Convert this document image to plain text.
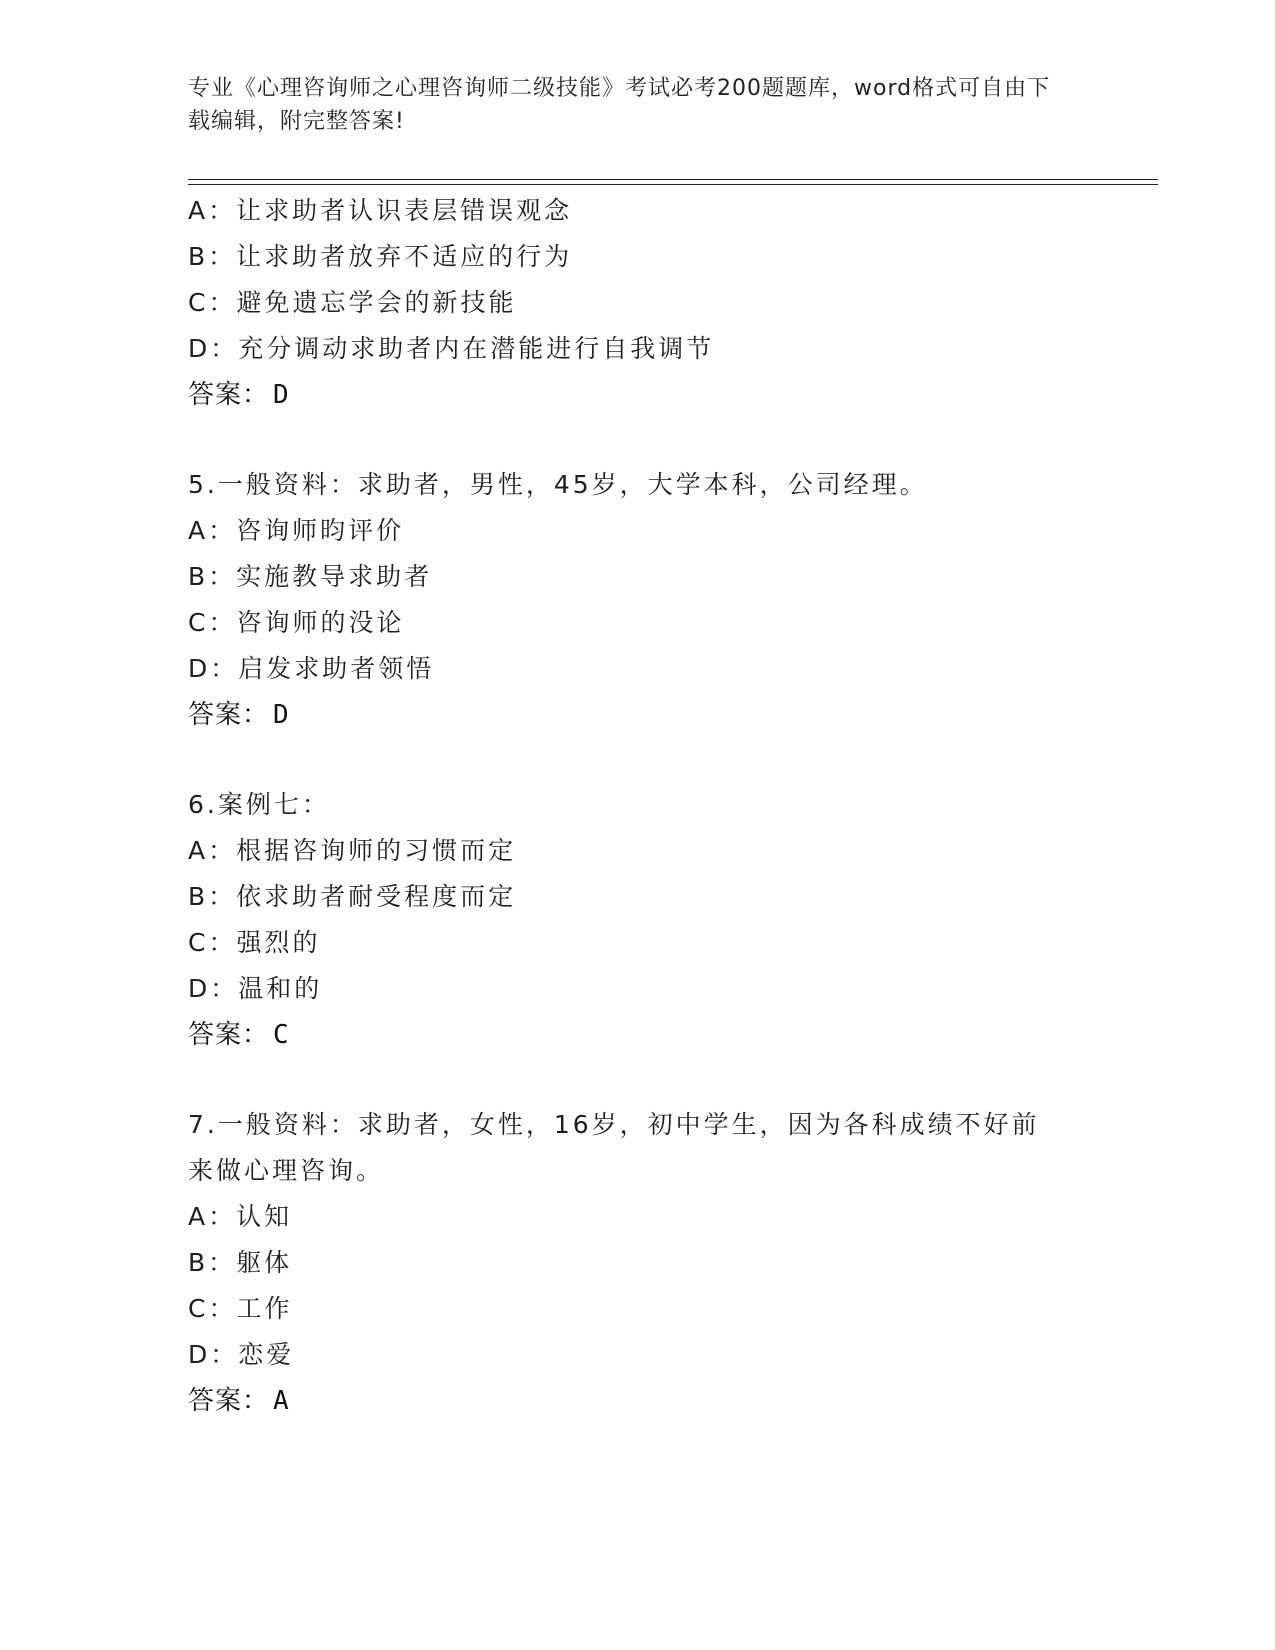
专业《心理咨询师之心理咨询师二级技能》考试必考200题题库，word格式可自由下载编辑，附完整答案!
A：让求助者认识表层错误观念
B：让求助者放弃不适应的行为
C：避免遗忘学会的新技能
D：充分调动求助者内在潜能进行自我调节
答案： D
5.一般资料：求助者，男性，45岁，大学本科，公司经理。
A：咨询师昀评价
B：实施教导求助者
C：咨询师的没论
D：启发求助者领悟
答案： D
6.案例七：
A：根据咨询师的习惯而定
B：依求助者耐受程度而定
C：强烈的
D：温和的
答案： C
7.一般资料：求助者，女性，16岁，初中学生，因为各科成绩不好前
来做心理咨询。
A：认知
B：躯体
C：工作
D：恋爱
答案： A
